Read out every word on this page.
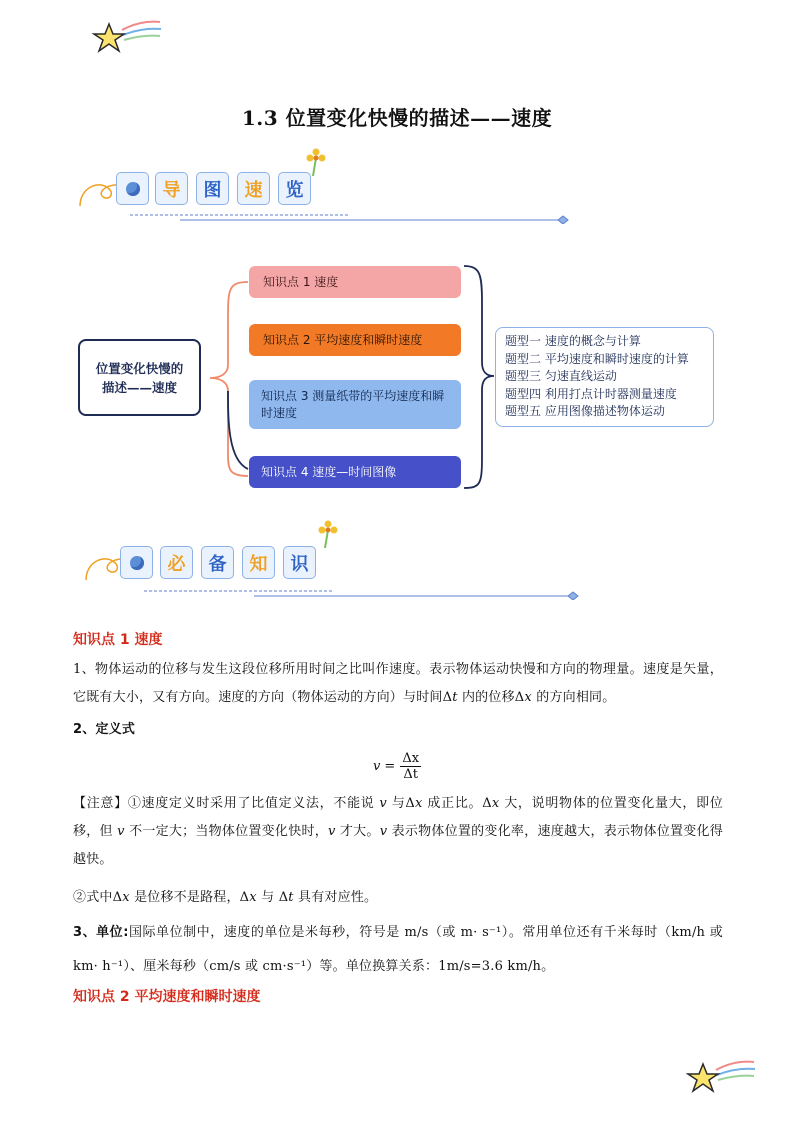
1.3 位置变化快慢的描述——速度
导	图	速	览
位置变化快慢的描述——速度
知识点 1 速度
知识点 2 平均速度和瞬时速度
知识点 3 测量纸带的平均速度和瞬时速度
知识点 4 速度—时间图像
题型一 速度的概念与计算
题型二 平均速度和瞬时速度的计算
题型三 匀速直线运动
题型四 利用打点计时器测量速度
题型五 应用图像描述物体运动
必	备	知	识
知识点 1 速度
1、物体运动的位移与发生这段位移所用时间之比叫作速度。表示物体运动快慢和方向的物理量。速度是矢量，它既有大小，又有方向。速度的方向（物体运动的方向）与时间Δt 内的位移Δx 的方向相同。
2、定义式
$v = \frac{\Delta x}{\Delta t}$
【注意】①速度定义时采用了比值定义法，不能说 v 与Δx 成正比。Δx 大，说明物体的位置变化量大，即位移，但 v 不一定大；当物体位置变化快时，v 才大。v 表示物体位置的变化率，速度越大，表示物体位置变化得越快。
②式中Δx 是位移不是路程，Δx 与 Δt 具有对应性。
3、单位:国际单位制中，速度的单位是米每秒，符号是 m/s（或 m· s⁻¹）。常用单位还有千米每时（km/h 或 km· h⁻¹）、厘米每秒（cm/s 或 cm·s⁻¹）等。单位换算关系：1m/s=3.6 km/h。
知识点 2 平均速度和瞬时速度
